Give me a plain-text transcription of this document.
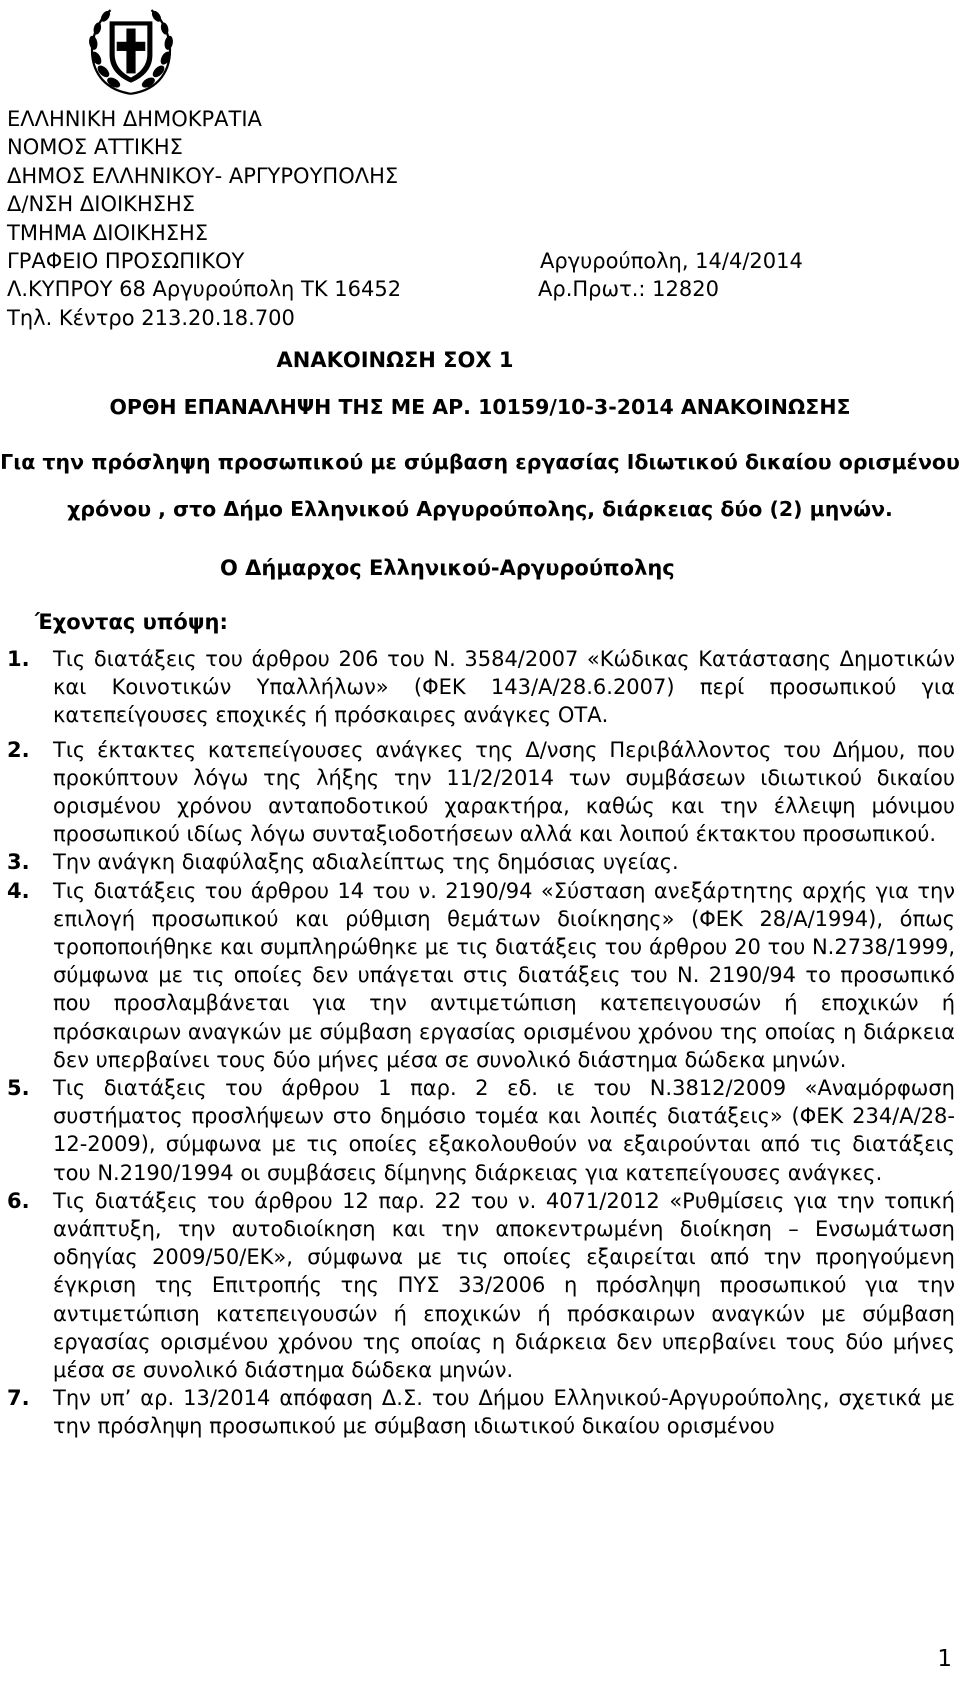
ΕΛΛΗΝΙΚΗ ΔΗΜΟΚΡΑΤΙΑ
ΝΟΜΟΣ ΑΤΤΙΚΗΣ
ΔΗΜΟΣ ΕΛΛΗΝΙΚΟΥ- ΑΡΓΥΡΟΥΠΟΛΗΣ
Δ/ΝΣΗ ΔΙΟΙΚΗΣΗΣ
ΤΜΗΜΑ ΔΙΟΙΚΗΣΗΣ
ΓΡΑΦΕΙΟ ΠΡΟΣΩΠΙΚΟΥ	Αργυρούπολη, 14/4/2014
Λ.ΚΥΠΡΟΥ 68 Αργυρούπολη ΤΚ 16452	Αρ.Πρωτ.: 12820
Τηλ. Κέντρο 213.20.18.700
ΑΝΑΚΟΙΝΩΣΗ ΣΟΧ 1
ΟΡΘΗ ΕΠΑΝΑΛΗΨΗ ΤΗΣ ΜΕ ΑΡ. 10159/10-3-2014 ΑΝΑΚΟΙΝΩΣΗΣ
Για την πρόσληψη προσωπικού με σύμβαση εργασίας Ιδιωτικού δικαίου ορισμένου
χρόνου , στο Δήμο Ελληνικού Αργυρούπολης, διάρκειας δύο (2) μηνών.
Ο Δήμαρχος Ελληνικού-Αργυρούπολης
Έχοντας υπόψη:
1.	Τις διατάξεις του άρθρου 206 του Ν. 3584/2007 «Κώδικας Κατάστασης Δημοτικών και Κοινοτικών Υπαλλήλων» (ΦΕΚ 143/Α/28.6.2007) περί προσωπικού για κατεπείγουσες εποχικές ή πρόσκαιρες ανάγκες ΟΤΑ.
2.	Τις έκτακτες κατεπείγουσες ανάγκες της Δ/νσης Περιβάλλοντος του Δήμου, που προκύπτουν λόγω της λήξης την 11/2/2014 των συμβάσεων ιδιωτικού δικαίου ορισμένου χρόνου ανταποδοτικού χαρακτήρα, καθώς και την έλλειψη μόνιμου προσωπικού ιδίως λόγω συνταξιοδοτήσεων αλλά και λοιπού έκτακτου προσωπικού.
3.	Την ανάγκη διαφύλαξης αδιαλείπτως της δημόσιας υγείας.
4.	Τις διατάξεις του άρθρου 14 του ν. 2190/94 «Σύσταση ανεξάρτητης αρχής για την επιλογή προσωπικού και ρύθμιση θεμάτων διοίκησης» (ΦΕΚ 28/Α/1994), όπως τροποποιήθηκε και συμπληρώθηκε με τις διατάξεις του άρθρου 20 του Ν.2738/1999, σύμφωνα με τις οποίες δεν υπάγεται στις διατάξεις του Ν. 2190/94 το προσωπικό που προσλαμβάνεται για την αντιμετώπιση κατεπειγουσών ή εποχικών ή πρόσκαιρων αναγκών με σύμβαση εργασίας ορισμένου χρόνου της οποίας η διάρκεια δεν υπερβαίνει τους δύο μήνες μέσα σε συνολικό διάστημα δώδεκα μηνών.
5.	Τις διατάξεις του άρθρου 1 παρ. 2 εδ. ιε του Ν.3812/2009 «Αναμόρφωση συστήματος προσλήψεων στο δημόσιο τομέα και λοιπές διατάξεις» (ΦΕΚ 234/Α/28-12-2009), σύμφωνα με τις οποίες εξακολουθούν να εξαιρούνται από τις διατάξεις του Ν.2190/1994 οι συμβάσεις δίμηνης διάρκειας για κατεπείγουσες ανάγκες.
6.	Τις διατάξεις του άρθρου 12 παρ. 22 του ν. 4071/2012 «Ρυθμίσεις για την τοπική ανάπτυξη, την αυτοδιοίκηση και την αποκεντρωμένη διοίκηση – Ενσωμάτωση οδηγίας 2009/50/ΕΚ», σύμφωνα με τις οποίες εξαιρείται από την προηγούμενη έγκριση της Επιτροπής της ΠΥΣ 33/2006 η πρόσληψη προσωπικού για την αντιμετώπιση κατεπειγουσών ή εποχικών ή πρόσκαιρων αναγκών με σύμβαση εργασίας ορισμένου χρόνου της οποίας η διάρκεια δεν υπερβαίνει τους δύο μήνες μέσα σε συνολικό διάστημα δώδεκα μηνών.
7.	Την υπ’ αρ. 13/2014 απόφαση Δ.Σ. του Δήμου Ελληνικού-Αργυρούπολης, σχετικά με την πρόσληψη προσωπικού με σύμβαση ιδιωτικού δικαίου ορισμένου
1
